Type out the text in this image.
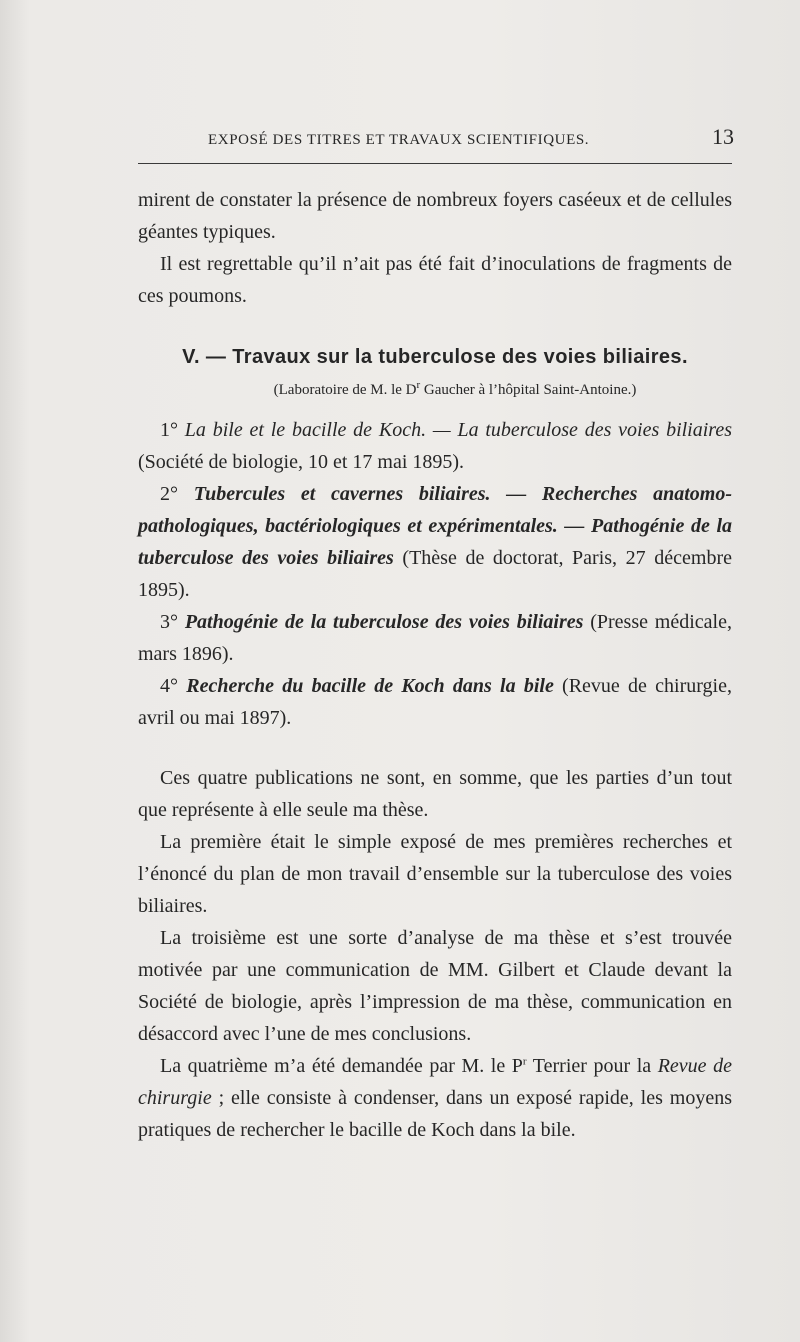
EXPOSÉ DES TITRES ET TRAVAUX SCIENTIFIQUES.	13

mirent de constater la présence de nombreux foyers caséeux et de cellules géantes typiques.

Il est regrettable qu’il n’ait pas été fait d’inoculations de fragments de ces poumons.

V. — Travaux sur la tuberculose des voies biliaires.
(Laboratoire de M. le $D^r$ Gaucher à l’hôpital Saint-Antoine.)

1° La bile et le bacille de Koch. — La tuberculose des voies biliaires (Société de biologie, 10 et 17 mai 1895).

2° Tubercules et cavernes biliaires. — Recherches anatomo-pathologiques, bactériologiques et expérimentales. — Pathogénie de la tuberculose des voies biliaires (Thèse de doctorat, Paris, 27 décembre 1895).

3° Pathogénie de la tuberculose des voies biliaires (Presse médicale, mars 1896).

4° Recherche du bacille de Koch dans la bile (Revue de chirurgie, avril ou mai 1897).

Ces quatre publications ne sont, en somme, que les parties d’un tout que représente à elle seule ma thèse.

La première était le simple exposé de mes premières recherches et l’énoncé du plan de mon travail d’ensemble sur la tuberculose des voies biliaires.

La troisième est une sorte d’analyse de ma thèse et s’est trouvée motivée par une communication de MM. Gilbert et Claude devant la Société de biologie, après l’impression de ma thèse, communication en désaccord avec l’une de mes conclusions.

La quatrième m’a été demandée par M. le $P^r$ Terrier pour la Revue de chirurgie ; elle consiste à condenser, dans un exposé rapide, les moyens pratiques de rechercher le bacille de Koch dans la bile.
